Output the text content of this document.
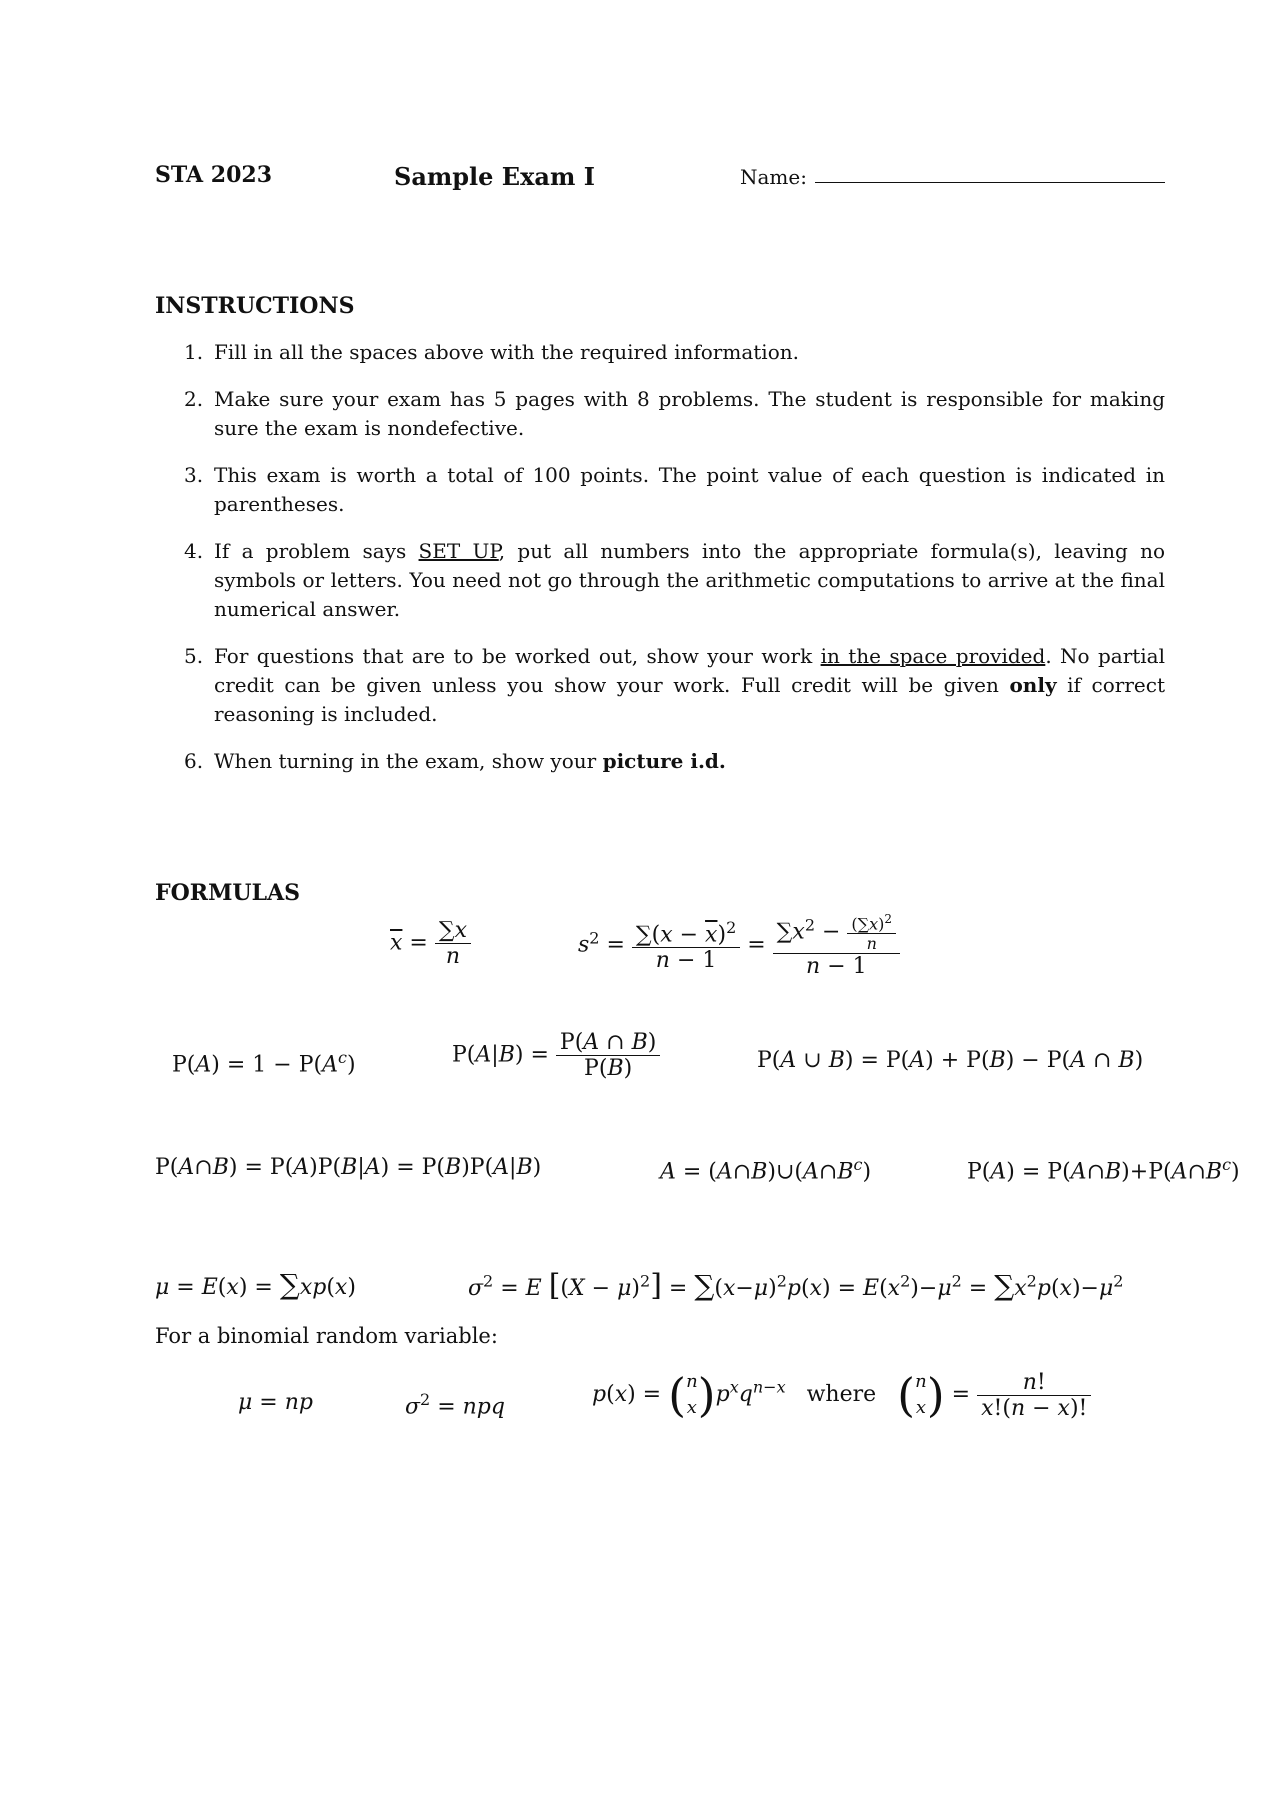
STA 2023	Sample Exam I	Name:
INSTRUCTIONS
1. Fill in all the spaces above with the required information.
2. Make sure your exam has 5 pages with 8 problems. The student is responsible for making sure the exam is nondefective.
3. This exam is worth a total of 100 points. The point value of each question is indicated in parentheses.
4. If a problem says SET UP, put all numbers into the appropriate formula(s), leaving no symbols or letters. You need not go through the arithmetic computations to arrive at the final numerical answer.
5. For questions that are to be worked out, show your work in the space provided. No partial credit can be given unless you show your work. Full credit will be given only if correct reasoning is included.
6. When turning in the exam, show your picture i.d.
FORMULAS
$\overline{x} = \frac{\sum x}{n}$	$s^2 = \frac{\sum(x - \overline{x})^2}{n - 1} = \frac{\sum x^2 - \frac{(\sum x)^2}{n}}{n - 1}$
$P(A) = 1 - P(A^c)$	$P(A|B) = \frac{P(A \cap B)}{P(B)}$	P(A ∪ B) = P(A) + P(B) − P(A ∩ B)
P(A∩B) = P(A)P(B|A) = P(B)P(A|B)	$A = (A\cap B)\cup(A\cap B^c)$	$P(A) = P(A\cap B)+P(A\cap B^c)$
μ = E(x) = ∑xp(x)	$\sigma^2 = E$ $[(X - \mu)^2] = \sum(x-\mu)^2p(x) = E(x^2)-\mu^2 = \sum x^2p(x)-\mu^2$
For a binomial random variable:
μ = np	$\sigma^2$ = npq	p(x) = (n
$x)p^xq^{n-x}$ where (n
$x) = \frac{n!}{x!(n - x)!}$
